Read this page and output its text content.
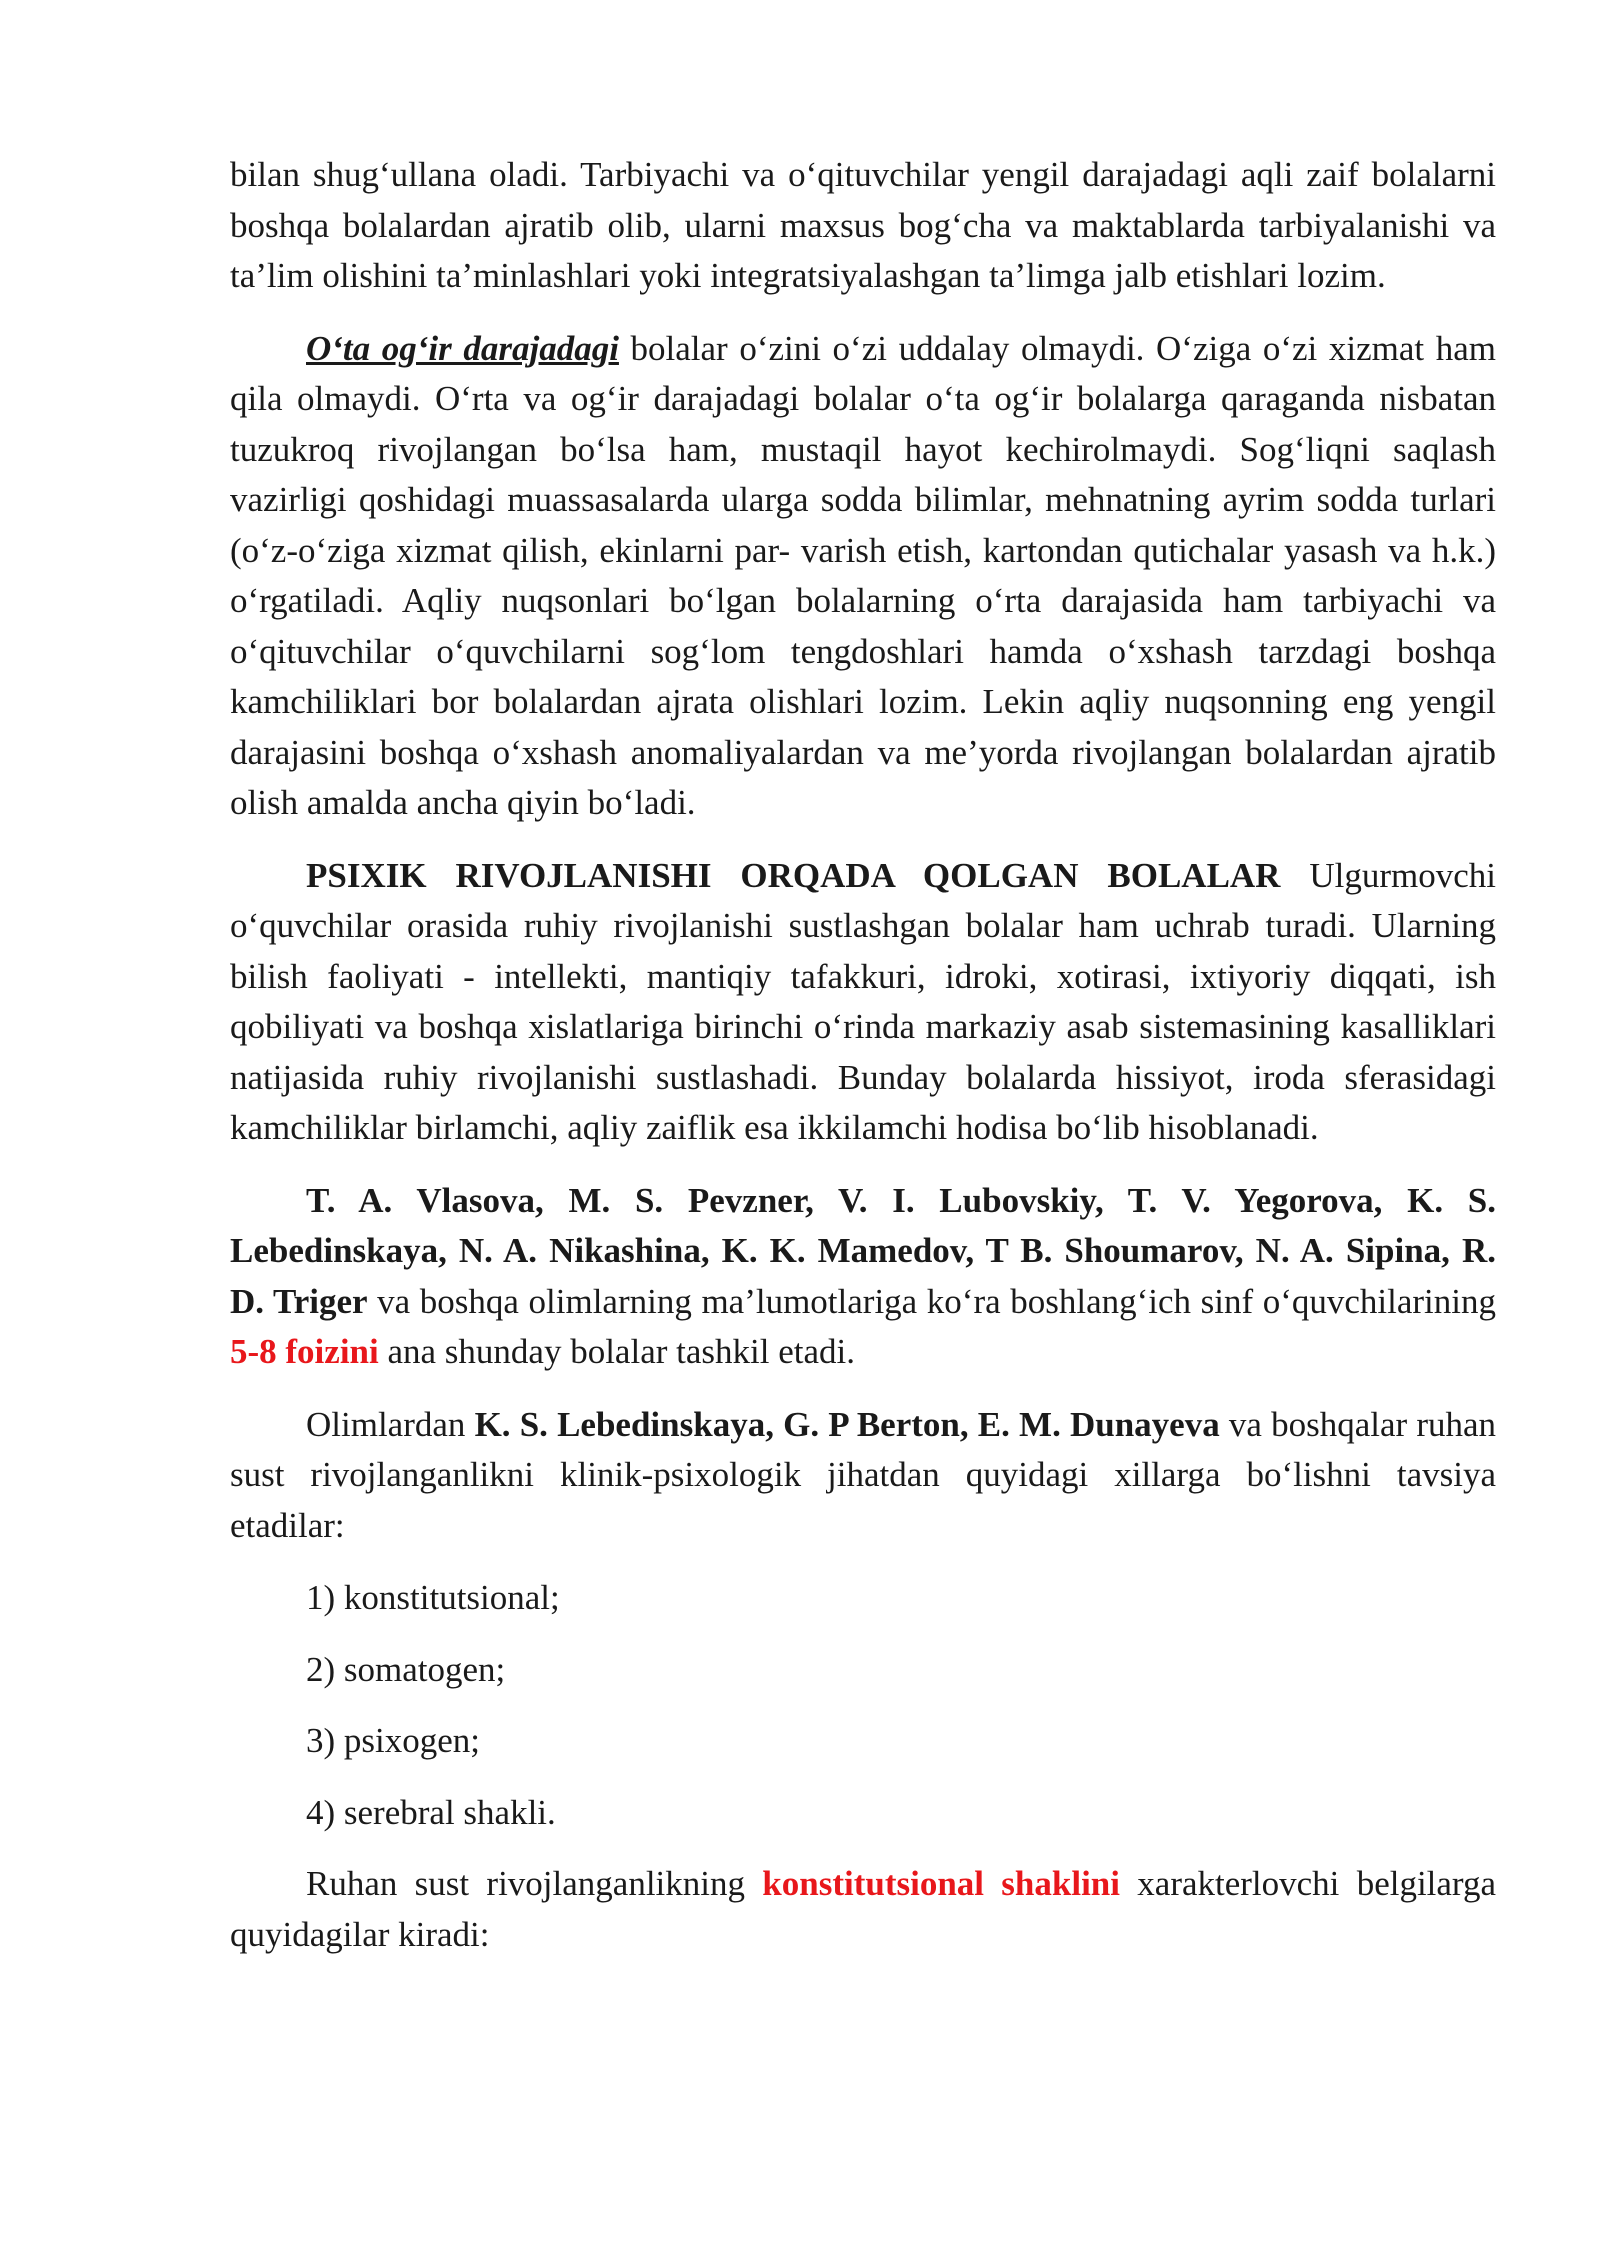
bilan shug‘ullana oladi. Tarbiyachi va o‘qituvchilar yengil darajadagi aqli zaif bolalarni boshqa bolalardan ajratib olib, ularni maxsus bog‘cha va maktablarda tarbiyalanishi va ta’lim olishini ta’minlashlari yoki integratsiyalashgan ta’limga jalb etishlari lozim.

O‘ta og‘ir darajadagi bolalar o‘zini o‘zi uddalay olmaydi. O‘ziga o‘zi xizmat ham qila olmaydi. O‘rta va og‘ir darajadagi bolalar o‘ta og‘ir bolalarga qaraganda nisbatan tuzukroq rivojlangan bo‘lsa ham, mustaqil hayot kechirolmaydi. Sog‘liqni saqlash vazirligi qoshidagi muassasalarda ularga sodda bilimlar, mehnatning ayrim sodda turlari (o‘z-o‘ziga xizmat qilish, ekinlarni par- varish etish, kartondan qutichalar yasash va h.k.) o‘rgatiladi. Aqliy nuqsonlari bo‘lgan bolalarning o‘rta darajasida ham tarbiyachi va o‘qituvchilar o‘quvchilarni sog‘lom tengdoshlari hamda o‘xshash tarzdagi boshqa kamchiliklari bor bolalardan ajrata olishlari lozim. Lekin aqliy nuqsonning eng yengil darajasini boshqa o‘xshash anomaliyalardan va me’yorda rivojlangan bolalardan ajratib olish amalda ancha qiyin bo‘ladi.

PSIXIK RIVOJLANISHI ORQADA QOLGAN BOLALAR Ulgurmovchi o‘quvchilar orasida ruhiy rivojlanishi sustlashgan bolalar ham uchrab turadi. Ularning bilish faoliyati - intellekti, mantiqiy tafakkuri, idroki, xotirasi, ixtiyoriy diqqati, ish qobiliyati va boshqa xislatlariga birinchi o‘rinda markaziy asab sistemasining kasalliklari natijasida ruhiy rivojlanishi sustlashadi. Bunday bolalarda hissiyot, iroda sferasidagi kamchiliklar birlamchi, aqliy zaiflik esa ikkilamchi hodisa bo‘lib hisoblanadi.

T. A. Vlasova, M. S. Pevzner, V. I. Lubovskiy, T. V. Yegorova, K. S. Lebedinskaya, N. A. Nikashina, K. K. Mamedov, T B. Shoumarov, N. A. Sipina, R. D. Triger va boshqa olimlarning ma’lumotlariga ko‘ra boshlang‘ich sinf o‘quvchilarining 5-8 foizini ana shunday bolalar tashkil etadi.

Olimlardan K. S. Lebedinskaya, G. P Berton, E. M. Dunayeva va boshqalar ruhan sust rivojlanganlikni klinik-psixologik jihatdan quyidagi xillarga bo‘lishni tavsiya etadilar:

1) konstitutsional;

2) somatogen;

3) psixogen;

4) serebral shakli.

Ruhan sust rivojlanganlikning konstitutsional shaklini xarakterlovchi belgilarga quyidagilar kiradi:
